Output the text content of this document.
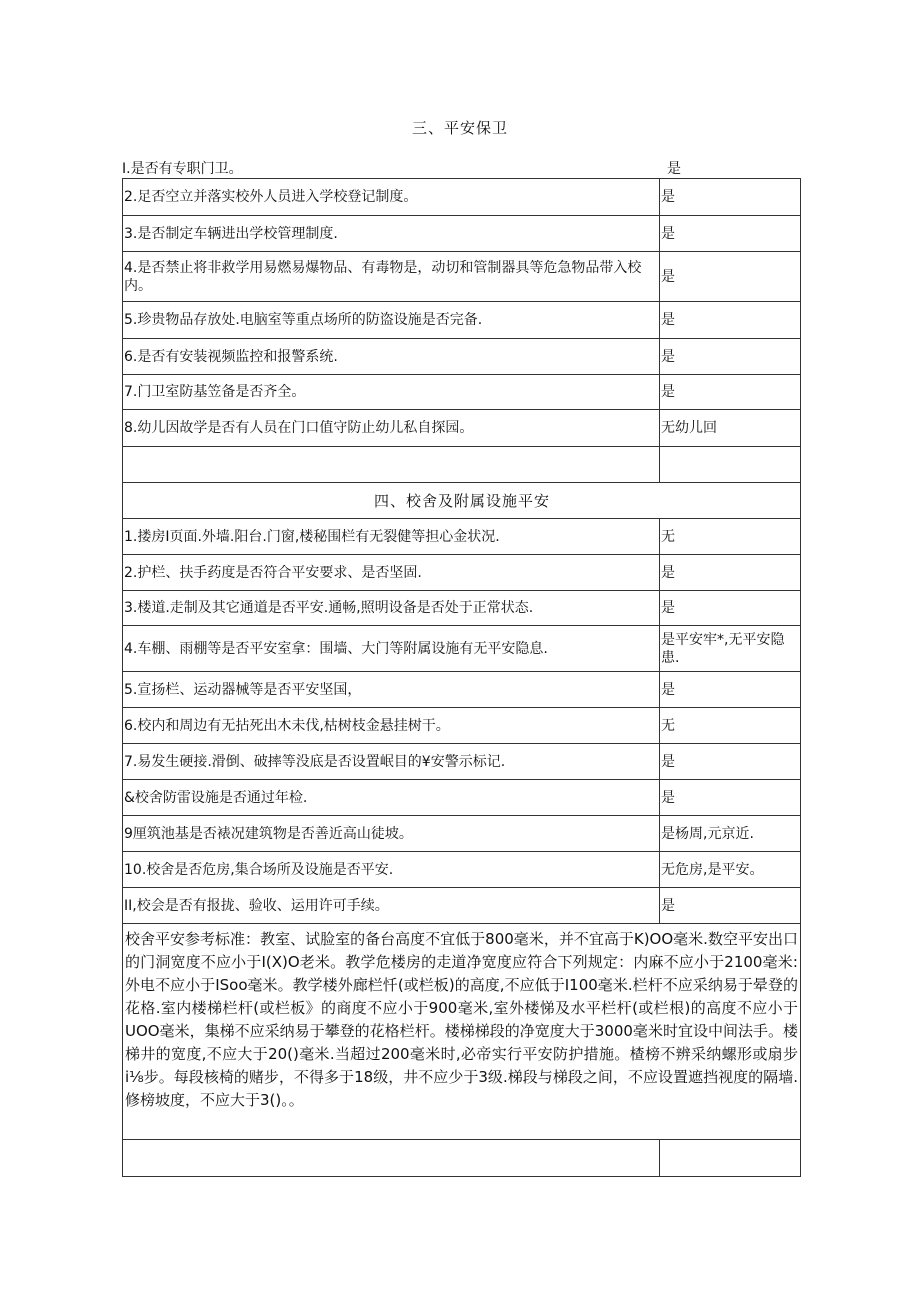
三、平安保卫
I.是否有专职门卫。	是
2.足否空立并落实校外人员进入学校登记制度。	是
3.是否制定车辆进出学校管理制度.	是
4.是否禁止将非救学用易燃易爆物品、有毒物是，动切和管制器具等危急物品带入校内。	是
5.珍贵物品存放处.电脑室等重点场所的防盗设施是否完备.	是
6.是否有安装视频监控和报警系统.	是
7.门卫室防基笠备是否齐全。	是
8.幼儿因故学是否有人员在门口值守防止幼儿私自探园。	无幼儿回

四、校舍及附属设施平安	
1.搂房I页面.外墙.阳台.门窗,楼秘围栏有无裂健等担心金状况.	无
2.护栏、扶手药度是否符合平安要求、是否坚固.	是
3.楼道.走制及其它通道是否平安.通畅,照明设备是否处于正常状态.	是
4.车棚、雨棚等是否平安室拿：围墙、大门等附属设施有无平安隐息.	是平安牢*,无平安隐患.
5.宣扬栏、运动器械等是否平安坚国，	是
6.校内和周边有无拈死出木未伐,枯树枝金悬挂树干。	无
7.易发生硬接.滑倒、破摔等没底是否设置岷目的¥安警示标记.	是
&校舍防雷设施是否通过年检.	是
9厘筑池基是否裱况建筑物是否善近高山徒坡。	是杨周,元京近.
10.校舍是否危房,集合场所及设施是否平安.	无危房,是平安。
II,校会是否有报拢、验收、运用许可手续。	是
校舍平安参考标准：教室、试脸室的备台高度不宜低于800毫米，并不宜高于K)OO毫米.数空平安出口的门洞宽度不应小于I(X)O老米。教学危楼房的走道净宽度应符合下列规定：内麻不应小于2100毫米:外电不应小于ISoo毫米。教学楼外廊栏忏(或栏板)的高度,不应低于I100毫米.栏杆不应采纳易于晕登的花格.室内楼梯栏杆(或栏板》的商度不应小于900毫米,室外楼悌及水平栏杆(或栏根)的高度不应小于UOO毫米，集梯不应采纳易于攀登的花格栏杆。楼梯梯段的净宽度大于3000毫米时宜设中间法手。楼梯井的宽度,不应大于20()毫米.当超过200毫米时,必帝实行平安防护措施。楂榜不辨采纳螺形或扇步i⅛步。每段核椅的赌步，不得多于18级，井不应少于3级.梯段与梯段之间，不应设置遮挡视度的隔墙.修榜坡度，不应大于3()。。	
